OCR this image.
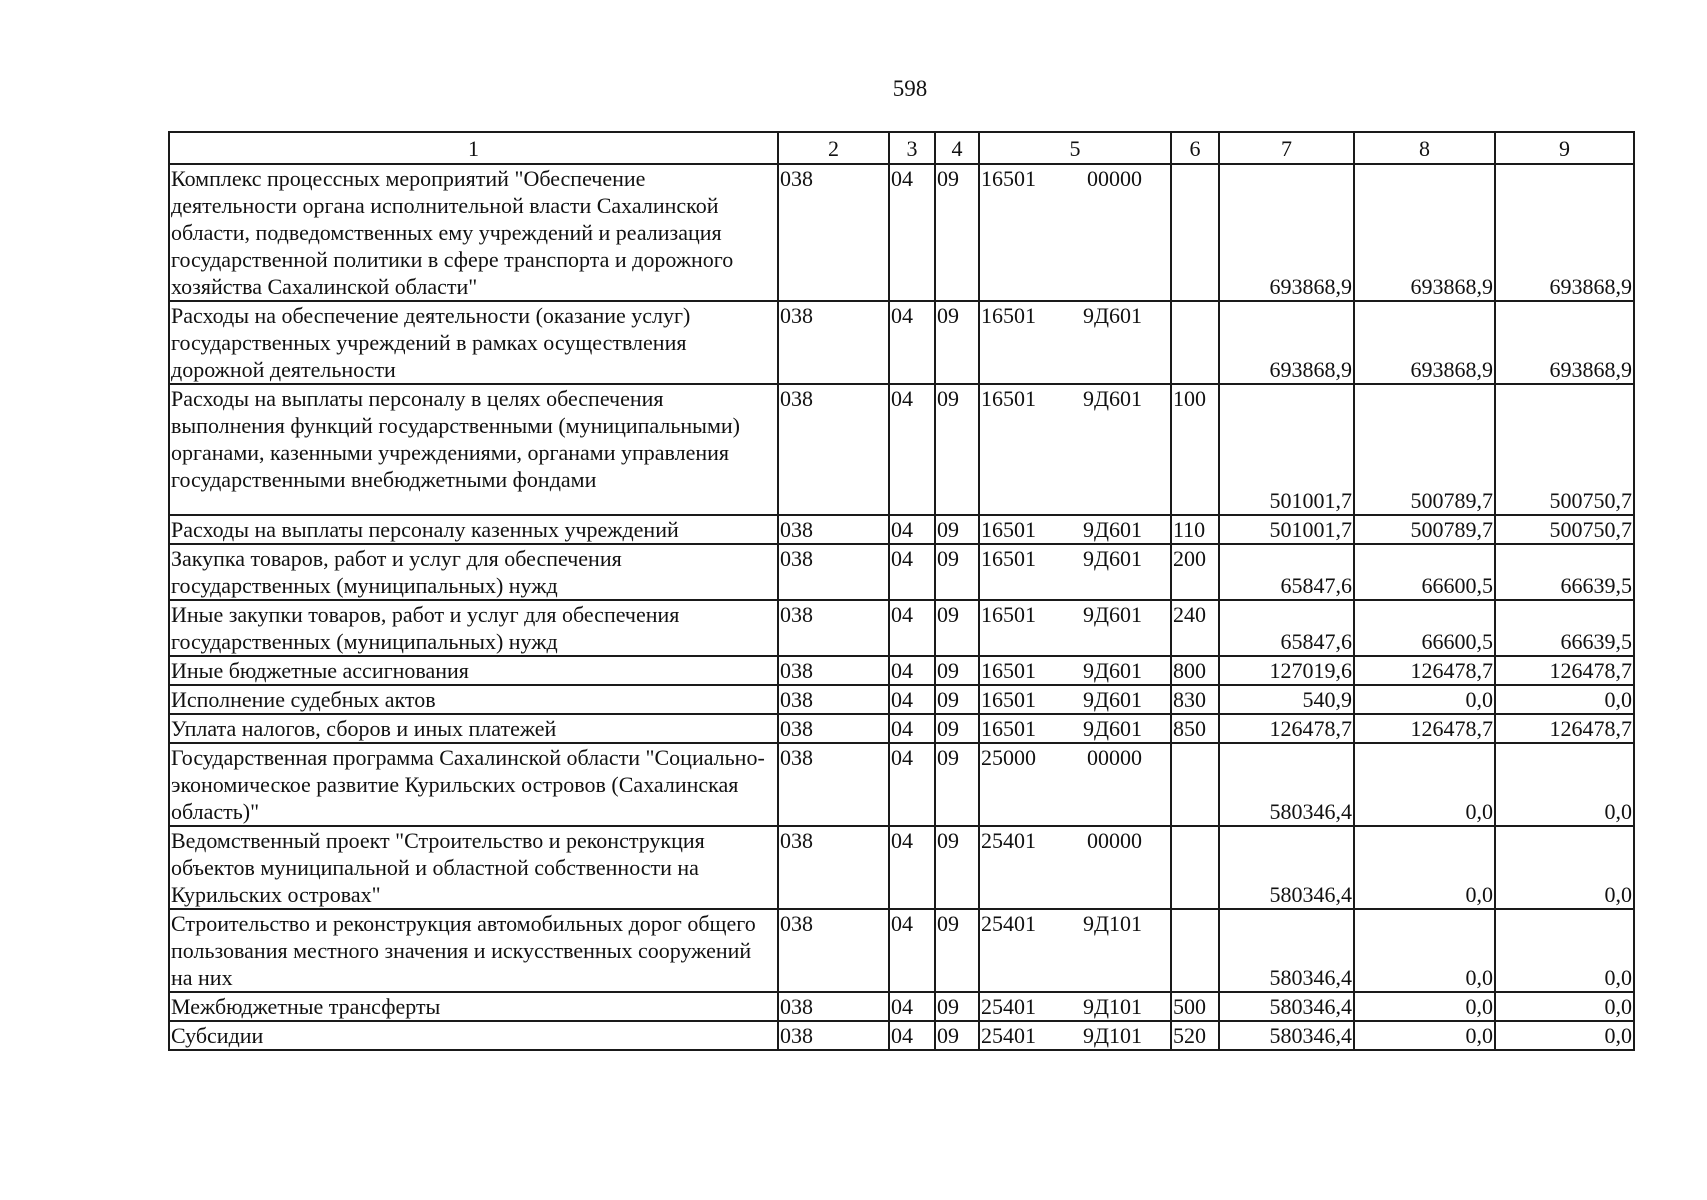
598
1	2	3	4	5	6	7	8	9
Комплекс процессных мероприятий "Обеспечение деятельности органа исполнительной власти Сахалинской области, подведомственных ему учреждений и реализация государственной политики в сфере транспорта и дорожного хозяйства Сахалинской области"	038	04	09	16501 00000		693868,9	693868,9	693868,9
Расходы на обеспечение деятельности (оказание услуг) государственных учреждений в рамках осуществления дорожной деятельности	038	04	09	16501 9Д601		693868,9	693868,9	693868,9
Расходы на выплаты персоналу в целях обеспечения выполнения функций государственными (муниципальными) органами, казенными учреждениями, органами управления государственными внебюджетными фондами	038	04	09	16501 9Д601	100	501001,7	500789,7	500750,7
Расходы на выплаты персоналу казенных учреждений	038	04	09	16501 9Д601	110	501001,7	500789,7	500750,7
Закупка товаров, работ и услуг для обеспечения государственных (муниципальных) нужд	038	04	09	16501 9Д601	200	65847,6	66600,5	66639,5
Иные закупки товаров, работ и услуг для обеспечения государственных (муниципальных) нужд	038	04	09	16501 9Д601	240	65847,6	66600,5	66639,5
Иные бюджетные ассигнования	038	04	09	16501 9Д601	800	127019,6	126478,7	126478,7
Исполнение судебных актов	038	04	09	16501 9Д601	830	540,9	0,0	0,0
Уплата налогов, сборов и иных платежей	038	04	09	16501 9Д601	850	126478,7	126478,7	126478,7
Государственная программа Сахалинской области "Социально-экономическое развитие Курильских островов (Сахалинская область)"	038	04	09	25000 00000		580346,4	0,0	0,0
Ведомственный проект "Строительство и реконструкция объектов муниципальной и областной собственности на Курильских островах"	038	04	09	25401 00000		580346,4	0,0	0,0
Строительство и реконструкция автомобильных дорог общего пользования местного значения и искусственных сооружений на них	038	04	09	25401 9Д101		580346,4	0,0	0,0
Межбюджетные трансферты	038	04	09	25401 9Д101	500	580346,4	0,0	0,0
Субсидии	038	04	09	25401 9Д101	520	580346,4	0,0	0,0
